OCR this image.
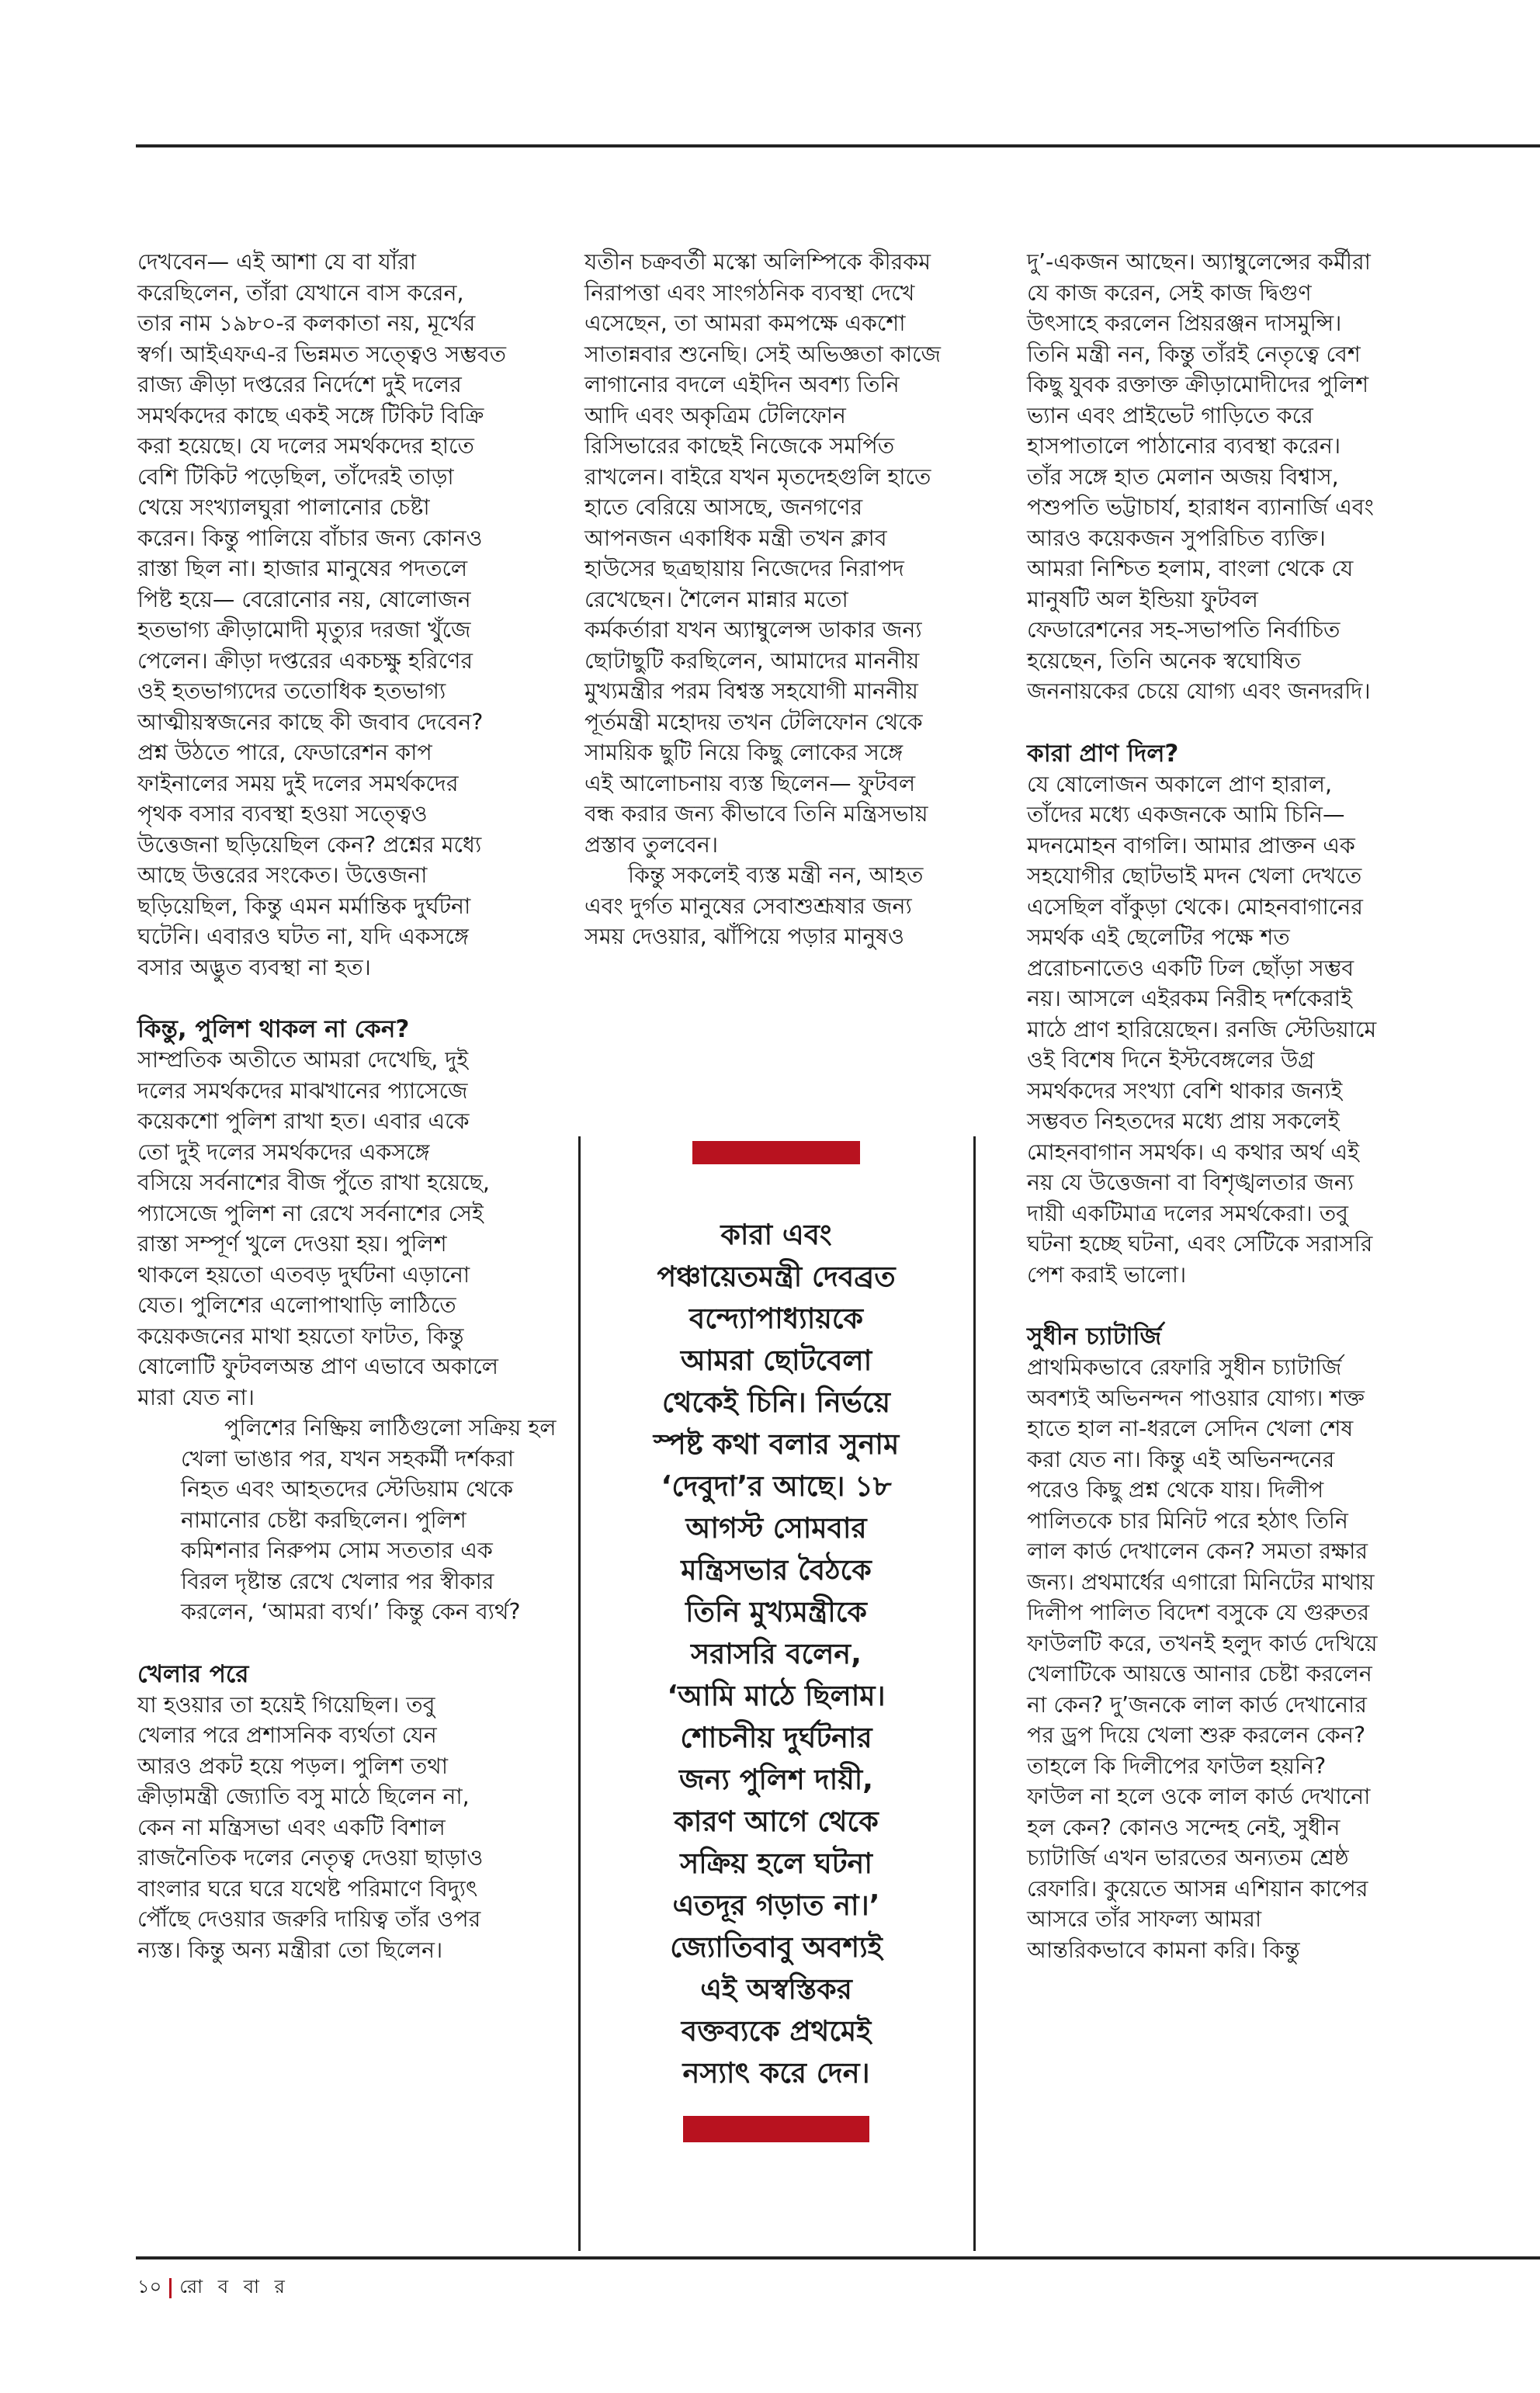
দেখবেন— এই আশা যে বা যাঁরা
করেছিলেন, তাঁরা যেখানে বাস করেন,
তার নাম ১৯৮০-র কলকাতা নয়, মূর্খের
স্বর্গ। আইএফএ-র ভিন্নমত সত্ত্বেও সম্ভবত
রাজ্য ক্রীড়া দপ্তরের নির্দেশে দুই দলের
সমর্থকদের কাছে একই সঙ্গে টিকিট বিক্রি
করা হয়েছে। যে দলের সমর্থকদের হাতে
বেশি টিকিট পড়েছিল, তাঁদেরই তাড়া
খেয়ে সংখ্যালঘুরা পালানোর চেষ্টা
করেন। কিন্তু পালিয়ে বাঁচার জন্য কোনও
রাস্তা ছিল না। হাজার মানুষের পদতলে
পিষ্ট হয়ে— বেরোনোর নয়, ষোলোজন
হতভাগ্য ক্রীড়ামোদী মৃত্যুর দরজা খুঁজে
পেলেন। ক্রীড়া দপ্তরের একচক্ষু হরিণের
ওই হতভাগ্যদের ততোধিক হতভাগ্য
আত্মীয়স্বজনের কাছে কী জবাব দেবেন?
প্রশ্ন উঠতে পারে, ফেডারেশন কাপ
ফাইনালের সময় দুই দলের সমর্থকদের
পৃথক বসার ব্যবস্থা হওয়া সত্ত্বেও
উত্তেজনা ছড়িয়েছিল কেন? প্রশ্নের মধ্যে
আছে উত্তরের সংকেত। উত্তেজনা
ছড়িয়েছিল, কিন্তু এমন মর্মান্তিক দুর্ঘটনা
ঘটেনি। এবারও ঘটত না, যদি একসঙ্গে
বসার অদ্ভুত ব্যবস্থা না হত।

কিন্তু, পুলিশ থাকল না কেন?

সাম্প্রতিক অতীতে আমরা দেখেছি, দুই
দলের সমর্থকদের মাঝখানের প্যাসেজে
কয়েকশো পুলিশ রাখা হত। এবার একে
তো দুই দলের সমর্থকদের একসঙ্গে
বসিয়ে সর্বনাশের বীজ পুঁতে রাখা হয়েছে,
প্যাসেজে পুলিশ না রেখে সর্বনাশের সেই
রাস্তা সম্পূর্ণ খুলে দেওয়া হয়। পুলিশ
থাকলে হয়তো এতবড় দুর্ঘটনা এড়ানো
যেত। পুলিশের এলোপাথাড়ি লাঠিতে
কয়েকজনের মাথা হয়তো ফাটত, কিন্তু
ষোলোটি ফুটবলঅন্ত প্রাণ এভাবে অকালে
মারা যেত না।

পুলিশের নিষ্ক্রিয় লাঠিগুলো সক্রিয় হল
খেলা ভাঙার পর, যখন সহকর্মী দর্শকরা
নিহত এবং আহতদের স্টেডিয়াম থেকে
নামানোর চেষ্টা করছিলেন। পুলিশ
কমিশনার নিরুপম সোম সততার এক
বিরল দৃষ্টান্ত রেখে খেলার পর স্বীকার
করলেন, ‘আমরা ব্যর্থ।’ কিন্তু কেন ব্যর্থ?

খেলার পরে

যা হওয়ার তা হয়েই গিয়েছিল। তবু
খেলার পরে প্রশাসনিক ব্যর্থতা যেন
আরও প্রকট হয়ে পড়ল। পুলিশ তথা
ক্রীড়ামন্ত্রী জ্যোতি বসু মাঠে ছিলেন না,
কেন না মন্ত্রিসভা এবং একটি বিশাল
রাজনৈতিক দলের নেতৃত্ব দেওয়া ছাড়াও
বাংলার ঘরে ঘরে যথেষ্ট পরিমাণে বিদ্যুৎ
পৌঁছে দেওয়ার জরুরি দায়িত্ব তাঁর ওপর
ন্যস্ত। কিন্তু অন্য মন্ত্রীরা তো ছিলেন।

যতীন চক্রবর্তী মস্কো অলিম্পিকে কীরকম
নিরাপত্তা এবং সাংগঠনিক ব্যবস্থা দেখে
এসেছেন, তা আমরা কমপক্ষে একশো
সাতান্নবার শুনেছি। সেই অভিজ্ঞতা কাজে
লাগানোর বদলে এইদিন অবশ্য তিনি
আদি এবং অকৃত্রিম টেলিফোন
রিসিভারের কাছেই নিজেকে সমর্পিত
রাখলেন। বাইরে যখন মৃতদেহগুলি হাতে
হাতে বেরিয়ে আসছে, জনগণের
আপনজন একাধিক মন্ত্রী তখন ক্লাব
হাউসের ছত্রছায়ায় নিজেদের নিরাপদ
রেখেছেন। শৈলেন মান্নার মতো
কর্মকর্তারা যখন অ্যাম্বুলেন্স ডাকার জন্য
ছোটাছুটি করছিলেন, আমাদের মাননীয়
মুখ্যমন্ত্রীর পরম বিশ্বস্ত সহযোগী মাননীয়
পূর্তমন্ত্রী মহোদয় তখন টেলিফোন থেকে
সাময়িক ছুটি নিয়ে কিছু লোকের সঙ্গে
এই আলোচনায় ব্যস্ত ছিলেন— ফুটবল
বন্ধ করার জন্য কীভাবে তিনি মন্ত্রিসভায়
প্রস্তাব তুলবেন।

কিন্তু সকলেই ব্যস্ত মন্ত্রী নন, আহত
এবং দুর্গত মানুষের সেবাশুশ্রূষার জন্য
সময় দেওয়ার, ঝাঁপিয়ে পড়ার মানুষও

কারা এবং
পঞ্চায়েতমন্ত্রী দেবব্রত
বন্দ্যোপাধ্যায়কে
আমরা ছোটবেলা
থেকেই চিনি। নির্ভয়ে
স্পষ্ট কথা বলার সুনাম
‘দেবুদা’র আছে। ১৮
আগস্ট সোমবার
মন্ত্রিসভার বৈঠকে
তিনি মুখ্যমন্ত্রীকে
সরাসরি বলেন,
‘আমি মাঠে ছিলাম।
শোচনীয় দুর্ঘটনার
জন্য পুলিশ দায়ী,
কারণ আগে থেকে
সক্রিয় হলে ঘটনা
এতদূর গড়াত না।’
জ্যোতিবাবু অবশ্যই
এই অস্বস্তিকর
বক্তব্যকে প্রথমেই
নস্যাৎ করে দেন।

দু’-একজন আছেন। অ্যাম্বুলেন্সের কর্মীরা
যে কাজ করেন, সেই কাজ দ্বিগুণ
উৎসাহে করলেন প্রিয়রঞ্জন দাসমুন্সি।
তিনি মন্ত্রী নন, কিন্তু তাঁরই নেতৃত্বে বেশ
কিছু যুবক রক্তাক্ত ক্রীড়ামোদীদের পুলিশ
ভ্যান এবং প্রাইভেট গাড়িতে করে
হাসপাতালে পাঠানোর ব্যবস্থা করেন।
তাঁর সঙ্গে হাত মেলান অজয় বিশ্বাস,
পশুপতি ভট্টাচার্য, হারাধন ব্যানার্জি এবং
আরও কয়েকজন সুপরিচিত ব্যক্তি।
আমরা নিশ্চিত হলাম, বাংলা থেকে যে
মানুষটি অল ইন্ডিয়া ফুটবল
ফেডারেশনের সহ-সভাপতি নির্বাচিত
হয়েছেন, তিনি অনেক স্বঘোষিত
জননায়কের চেয়ে যোগ্য এবং জনদরদি।

কারা প্রাণ দিল?

যে ষোলোজন অকালে প্রাণ হারাল,
তাঁদের মধ্যে একজনকে আমি চিনি—
মদনমোহন বাগলি। আমার প্রাক্তন এক
সহযোগীর ছোটভাই মদন খেলা দেখতে
এসেছিল বাঁকুড়া থেকে। মোহনবাগানের
সমর্থক এই ছেলেটির পক্ষে শত
প্ররোচনাতেও একটি ঢিল ছোঁড়া সম্ভব
নয়। আসলে এইরকম নিরীহ দর্শকেরাই
মাঠে প্রাণ হারিয়েছেন। রনজি স্টেডিয়ামে
ওই বিশেষ দিনে ইস্টবেঙ্গলের উগ্র
সমর্থকদের সংখ্যা বেশি থাকার জন্যই
সম্ভবত নিহতদের মধ্যে প্রায় সকলেই
মোহনবাগান সমর্থক। এ কথার অর্থ এই
নয় যে উত্তেজনা বা বিশৃঙ্খলতার জন্য
দায়ী একটিমাত্র দলের সমর্থকেরা। তবু
ঘটনা হচ্ছে ঘটনা, এবং সেটিকে সরাসরি
পেশ করাই ভালো।

সুধীন চ্যাটার্জি

প্রাথমিকভাবে রেফারি সুধীন চ্যাটার্জি
অবশ্যই অভিনন্দন পাওয়ার যোগ্য। শক্ত
হাতে হাল না-ধরলে সেদিন খেলা শেষ
করা যেত না। কিন্তু এই অভিনন্দনের
পরেও কিছু প্রশ্ন থেকে যায়। দিলীপ
পালিতকে চার মিনিট পরে হঠাৎ তিনি
লাল কার্ড দেখালেন কেন? সমতা রক্ষার
জন্য। প্রথমার্ধের এগারো মিনিটের মাথায়
দিলীপ পালিত বিদেশ বসুকে যে গুরুতর
ফাউলটি করে, তখনই হলুদ কার্ড দেখিয়ে
খেলাটিকে আয়ত্তে আনার চেষ্টা করলেন
না কেন? দু’জনকে লাল কার্ড দেখানোর
পর ড্রপ দিয়ে খেলা শুরু করলেন কেন?
তাহলে কি দিলীপের ফাউল হয়নি?
ফাউল না হলে ওকে লাল কার্ড দেখানো
হল কেন? কোনও সন্দেহ নেই, সুধীন
চ্যাটার্জি এখন ভারতের অন্যতম শ্রেষ্ঠ
রেফারি। কুয়েতে আসন্ন এশিয়ান কাপের
আসরে তাঁর সাফল্য আমরা
আন্তরিকভাবে কামনা করি। কিন্তু

১০ রো ব বা র
